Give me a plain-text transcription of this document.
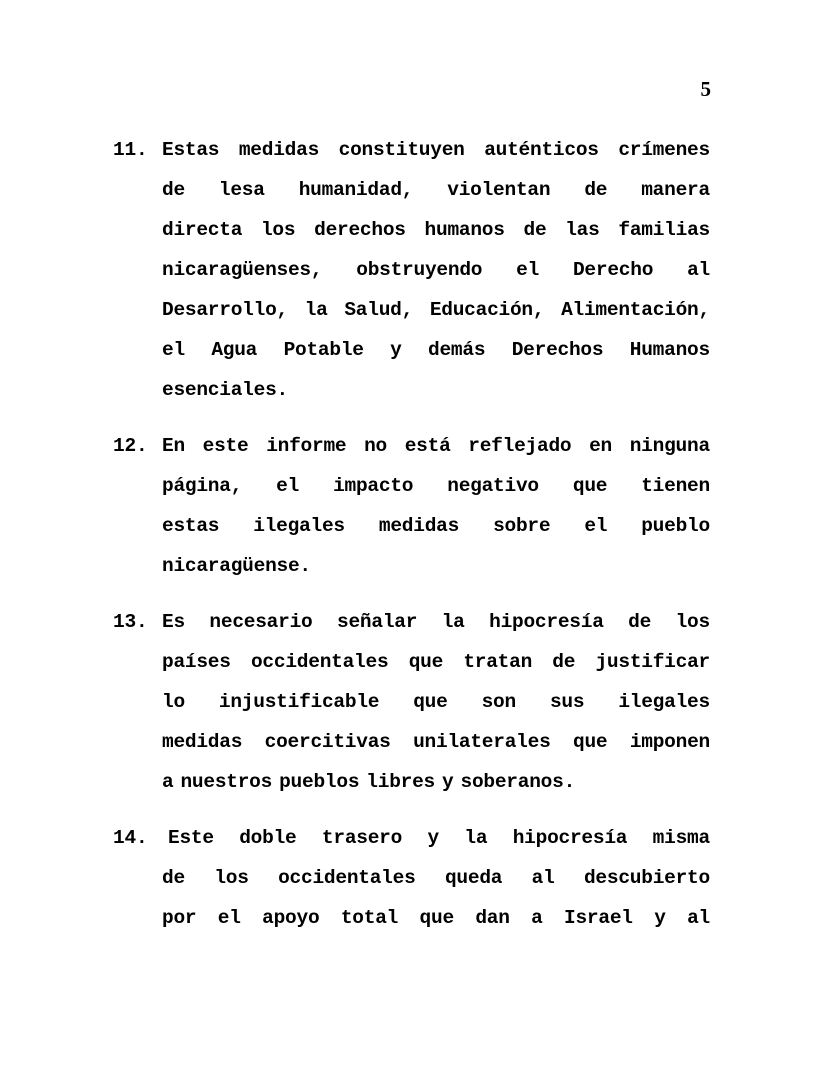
5
11. Estas medidas constituyen auténticos crímenes
de lesa humanidad, violentan de manera
directa los derechos humanos de las familias
nicaragüenses, obstruyendo el Derecho al
Desarrollo, la Salud, Educación, Alimentación,
el Agua Potable y demás Derechos Humanos
esenciales.
12. En este informe no está reflejado en ninguna
página, el impacto negativo que tienen
estas ilegales medidas sobre el pueblo
nicaragüense.
13. Es necesario señalar la hipocresía de los
países occidentales que tratan de justificar
lo injustificable que son sus ilegales
medidas coercitivas unilaterales que imponen
a nuestros pueblos libres y soberanos.
14. Este doble trasero y la hipocresía misma
de los occidentales queda al descubierto
por el apoyo total que dan a Israel y al
